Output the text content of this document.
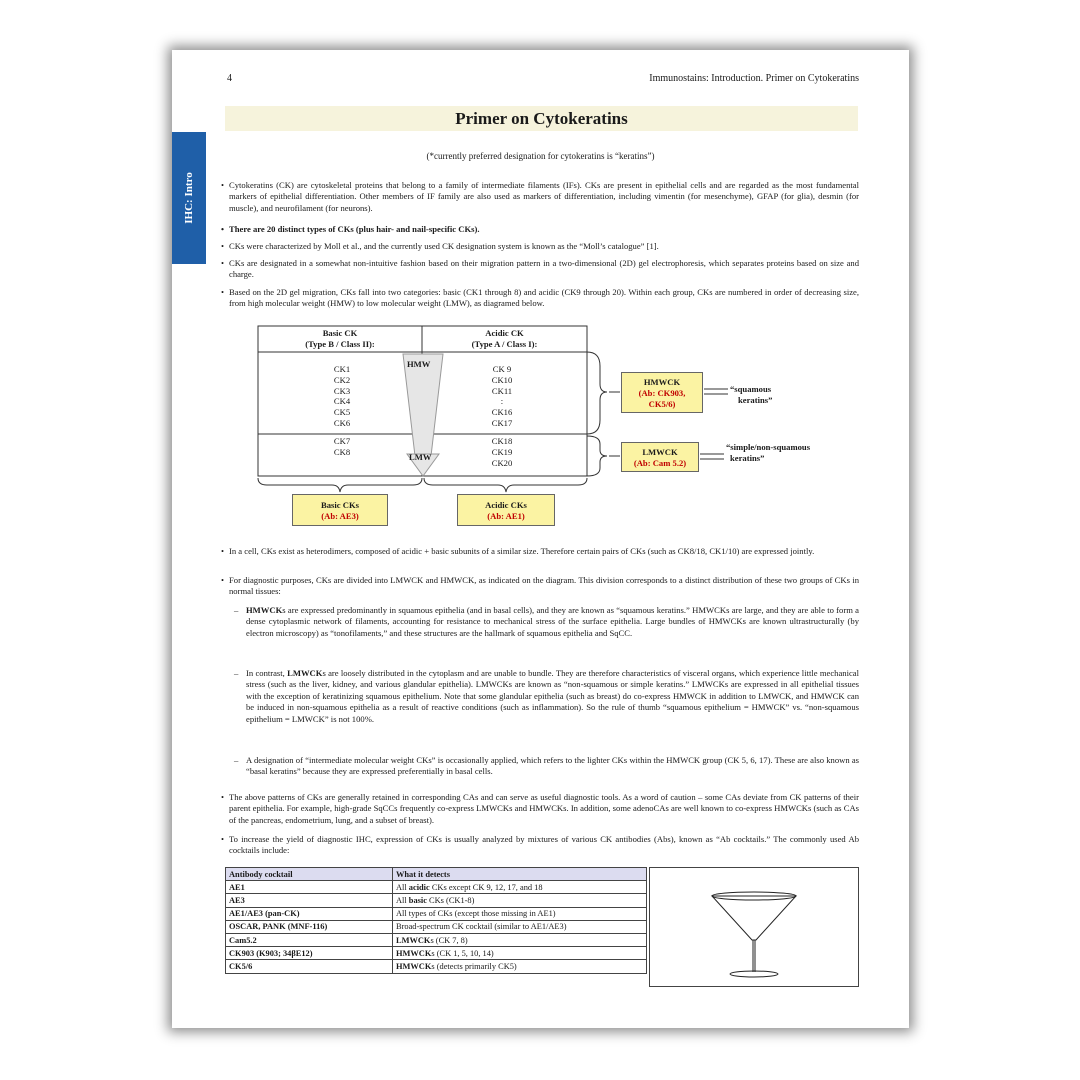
4	Immunostains: Introduction. Primer on Cytokeratins
IHC: Intro
Primer on Cytokeratins
(*currently preferred designation for cytokeratins is “keratins”)
• Cytokeratins (CK) are cytoskeletal proteins that belong to a family of intermediate filaments (IFs). CKs are present in epithelial cells and are regarded as the most fundamental markers of epithelial differentiation. Other members of IF family are also used as markers of differentiation, including vimentin (for mesenchyme), GFAP (for glia), desmin (for muscle), and neurofilament (for neurons).
• There are 20 distinct types of CKs (plus hair- and nail-specific CKs).
• CKs were characterized by Moll et al., and the currently used CK designation system is known as the “Moll’s catalogue” [1].
• CKs are designated in a somewhat non-intuitive fashion based on their migration pattern in a two-dimensional (2D) gel electrophoresis, which separates proteins based on size and charge.
• Based on the 2D gel migration, CKs fall into two categories: basic (CK1 through 8) and acidic (CK9 through 20). Within each group, CKs are numbered in order of decreasing size, from high molecular weight (HMW) to low molecular weight (LMW), as diagramed below.
Basic CK
(Type B / Class II):
Acidic CK
(Type A / Class I):
HMW
LMW
CK1
CK2
CK3
CK4
CK5
CK6
CK7
CK8
CK 9
CK10
CK11
:
CK16
CK17
CK18
CK19
CK20
HMWCK
(Ab: CK903,
CK5/6)
LMWCK
(Ab: Cam 5.2)
“squamous
keratins”
“simple/non-squamous
keratins”
Basic CKs
(Ab: AE3)
Acidic CKs
(Ab: AE1)
• In a cell, CKs exist as heterodimers, composed of acidic + basic subunits of a similar size. Therefore certain pairs of CKs (such as CK8/18, CK1/10) are expressed jointly.
• For diagnostic purposes, CKs are divided into LMWCK and HMWCK, as indicated on the diagram. This division corresponds to a distinct distribution of these two groups of CKs in normal tissues:
– HMWCKs are expressed predominantly in squamous epithelia (and in basal cells), and they are known as “squamous keratins.” HMWCKs are large, and they are able to form a dense cytoplasmic network of filaments, accounting for resistance to mechanical stress of the surface epithelia. Large bundles of HMWCKs are known ultrastructurally (by electron microscopy) as “tonofilaments,” and these structures are the hallmark of squamous epithelia and SqCC.
– In contrast, LMWCKs are loosely distributed in the cytoplasm and are unable to bundle. They are therefore characteristics of visceral organs, which experience little mechanical stress (such as the liver, kidney, and various glandular epithelia). LMWCKs are known as “non-squamous or simple keratins.” LMWCKs are expressed in all epithelial tissues with the exception of keratinizing squamous epithelium. Note that some glandular epithelia (such as breast) do co-express HMWCK in addition to LMWCK, and HMWCK can be induced in non-squamous epithelia as a result of reactive conditions (such as inflammation). So the rule of thumb “squamous epithelium = HMWCK” vs. “non-squamous epithelium = LMWCK” is not 100%.
– A designation of “intermediate molecular weight CKs” is occasionally applied, which refers to the lighter CKs within the HMWCK group (CK 5, 6, 17). These are also known as “basal keratins” because they are expressed preferentially in basal cells.
• The above patterns of CKs are generally retained in corresponding CAs and can serve as useful diagnostic tools. As a word of caution – some CAs deviate from CK patterns of their parent epithelia. For example, high-grade SqCCs frequently co-express LMWCKs and HMWCKs. In addition, some adenoCAs are well known to co-express HMWCKs (such as CAs of the pancreas, endometrium, lung, and a subset of breast).
• To increase the yield of diagnostic IHC, expression of CKs is usually analyzed by mixtures of various CK antibodies (Abs), known as “Ab cocktails.” The commonly used Ab cocktails include:
Antibody cocktail	What it detects
AE1	All acidic CKs except CK 9, 12, 17, and 18
AE3	All basic CKs (CK1-8)
AE1/AE3 (pan-CK)	All types of CKs (except those missing in AE1)
OSCAR, PANK (MNF-116)	Broad-spectrum CK cocktail (similar to AE1/AE3)
Cam5.2	LMWCKs (CK 7, 8)
CK903 (K903; 34βE12)	HMWCKs (CK 1, 5, 10, 14)
CK5/6	HMWCKs (detects primarily CK5)
